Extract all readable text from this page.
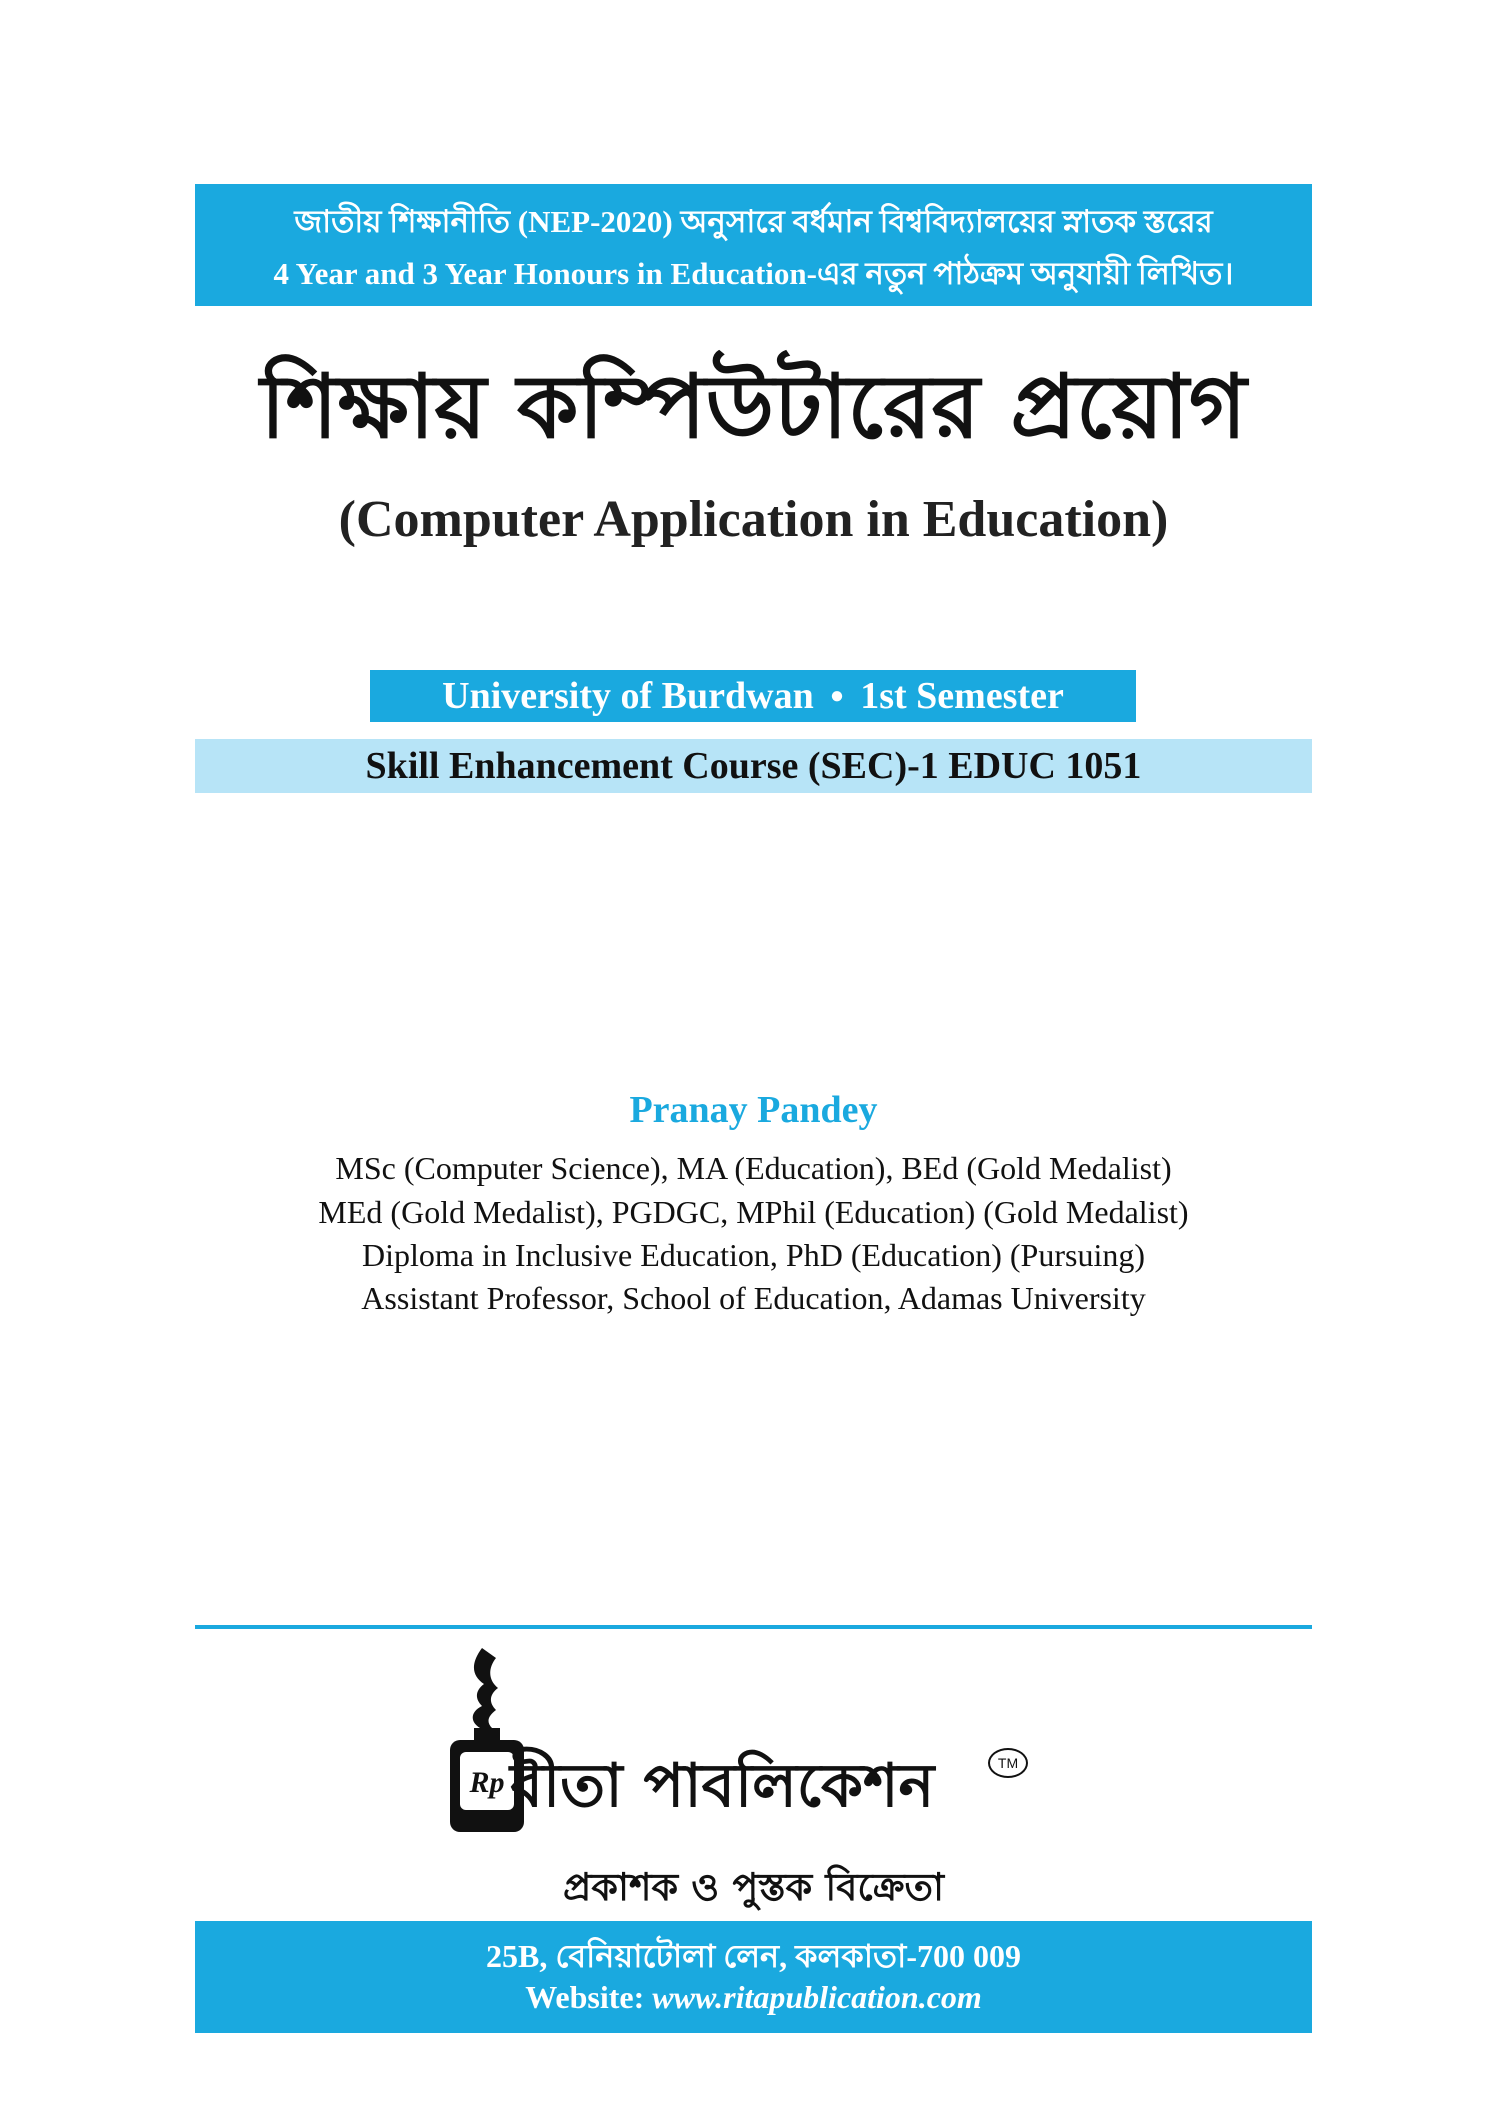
জাতীয় শিক্ষানীতি (NEP-2020) অনুসারে বর্ধমান বিশ্ববিদ্যালয়ের স্নাতক স্তরের
4 Year and 3 Year Honours in Education-এর নতুন পাঠক্রম অনুযায়ী লিখিত।
শিক্ষায় কম্পিউটারের প্রয়োগ
(Computer Application in Education)
University of Burdwan ● 1st Semester
Skill Enhancement Course (SEC)-1 EDUC 1051
Pranay Pandey
MSc (Computer Science), MA (Education), BEd (Gold Medalist)
MEd (Gold Medalist), PGDGC, MPhil (Education) (Gold Medalist)
Diploma in Inclusive Education, PhD (Education) (Pursuing)
Assistant Professor, School of Education, Adamas University
Rp রীতা পাবলিকেশন	TM
প্রকাশক ও পুস্তক বিক্রেতা
25B, বেনিয়াটোলা লেন, কলকাতা-700 009
Website: www.ritapublication.com
